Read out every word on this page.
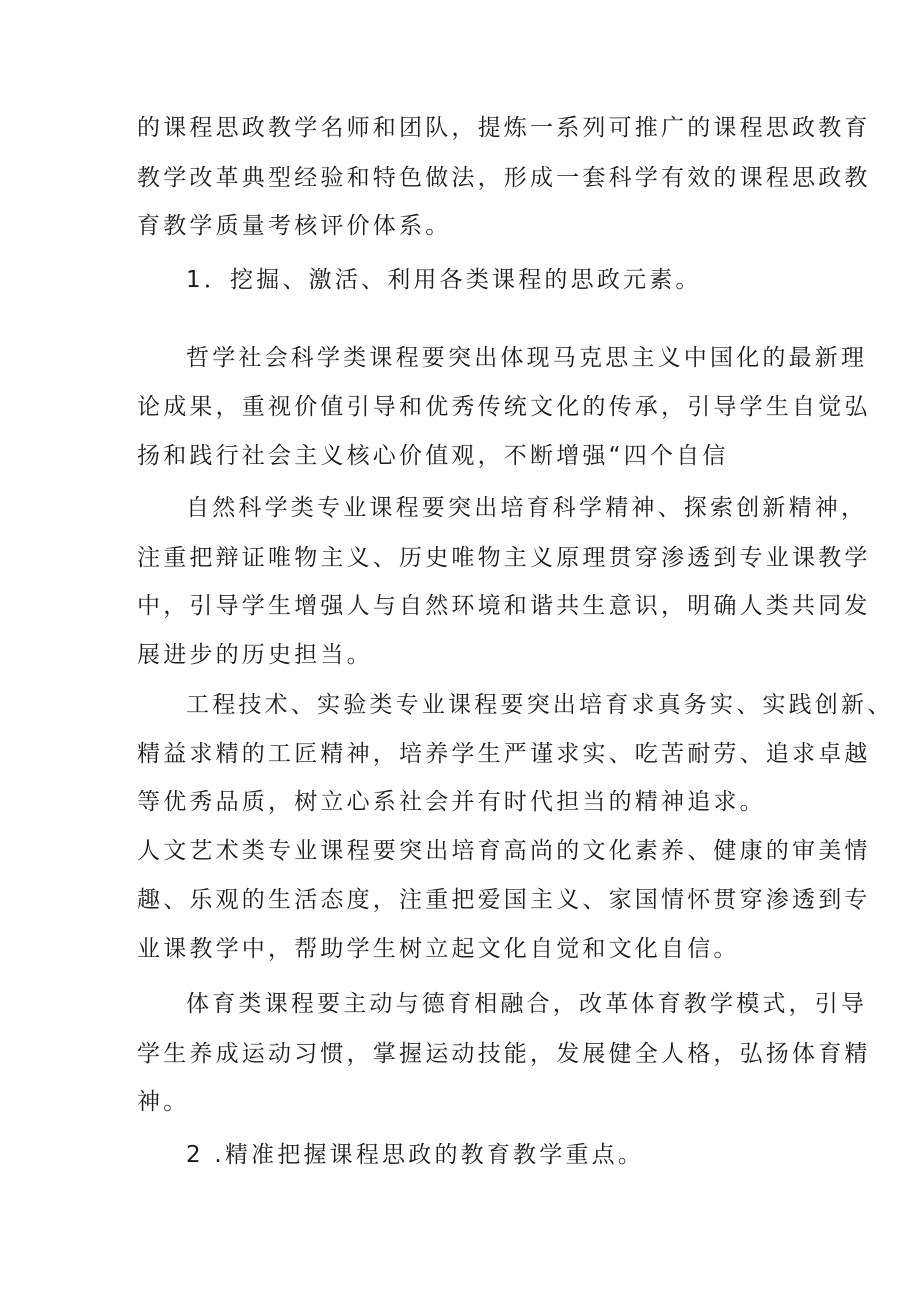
的课程思政教学名师和团队，提炼一系列可推广的课程思政教育
教学改革典型经验和特色做法，形成一套科学有效的课程思政教
育教学质量考核评价体系。
1．挖掘、激活、利用各类课程的思政元素。
哲学社会科学类课程要突出体现马克思主义中国化的最新理
论成果，重视价值引导和优秀传统文化的传承，引导学生自觉弘
扬和践行社会主义核心价值观，不断增强“四个自信
自然科学类专业课程要突出培育科学精神、探索创新精神，
注重把辩证唯物主义、历史唯物主义原理贯穿渗透到专业课教学
中，引导学生增强人与自然环境和谐共生意识，明确人类共同发
展进步的历史担当。
工程技术、实验类专业课程要突出培育求真务实、实践创新、
精益求精的工匠精神，培养学生严谨求实、吃苦耐劳、追求卓越
等优秀品质，树立心系社会并有时代担当的精神追求。
人文艺术类专业课程要突出培育高尚的文化素养、健康的审美情
趣、乐观的生活态度，注重把爱国主义、家国情怀贯穿渗透到专
业课教学中，帮助学生树立起文化自觉和文化自信。
体育类课程要主动与德育相融合，改革体育教学模式，引导
学生养成运动习惯，掌握运动技能，发展健全人格，弘扬体育精
神。
2 .精准把握课程思政的教育教学重点。
